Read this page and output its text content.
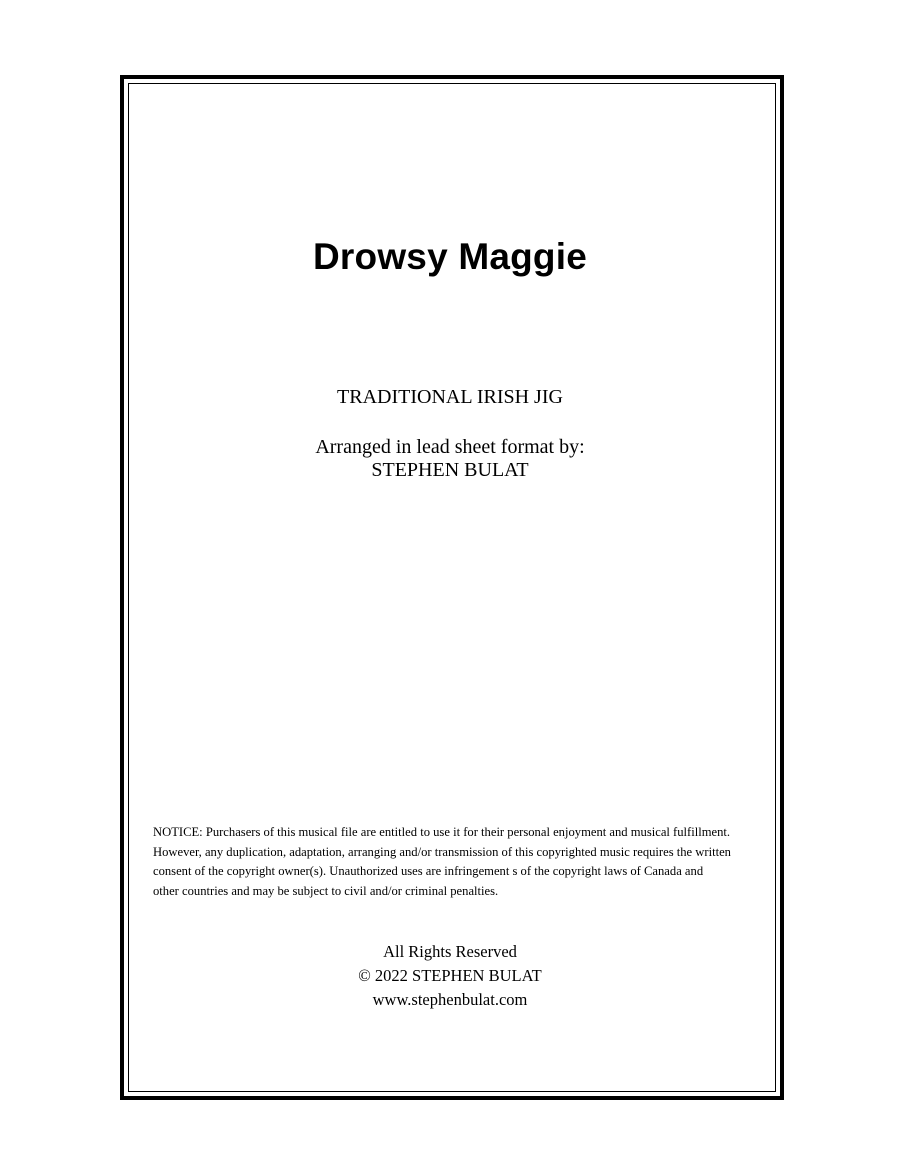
Drowsy Maggie
TRADITIONAL IRISH JIG
Arranged in lead sheet format by:
STEPHEN BULAT
NOTICE: Purchasers of this musical file are entitled to use it for their personal enjoyment and musical fulfillment.
However, any duplication, adaptation, arranging and/or transmission of this copyrighted music requires the written
consent of the copyright owner(s). Unauthorized uses are infringement s of the copyright laws of Canada and
other countries and may be subject to civil and/or criminal penalties.
All Rights Reserved
© 2022 STEPHEN BULAT
www.stephenbulat.com
